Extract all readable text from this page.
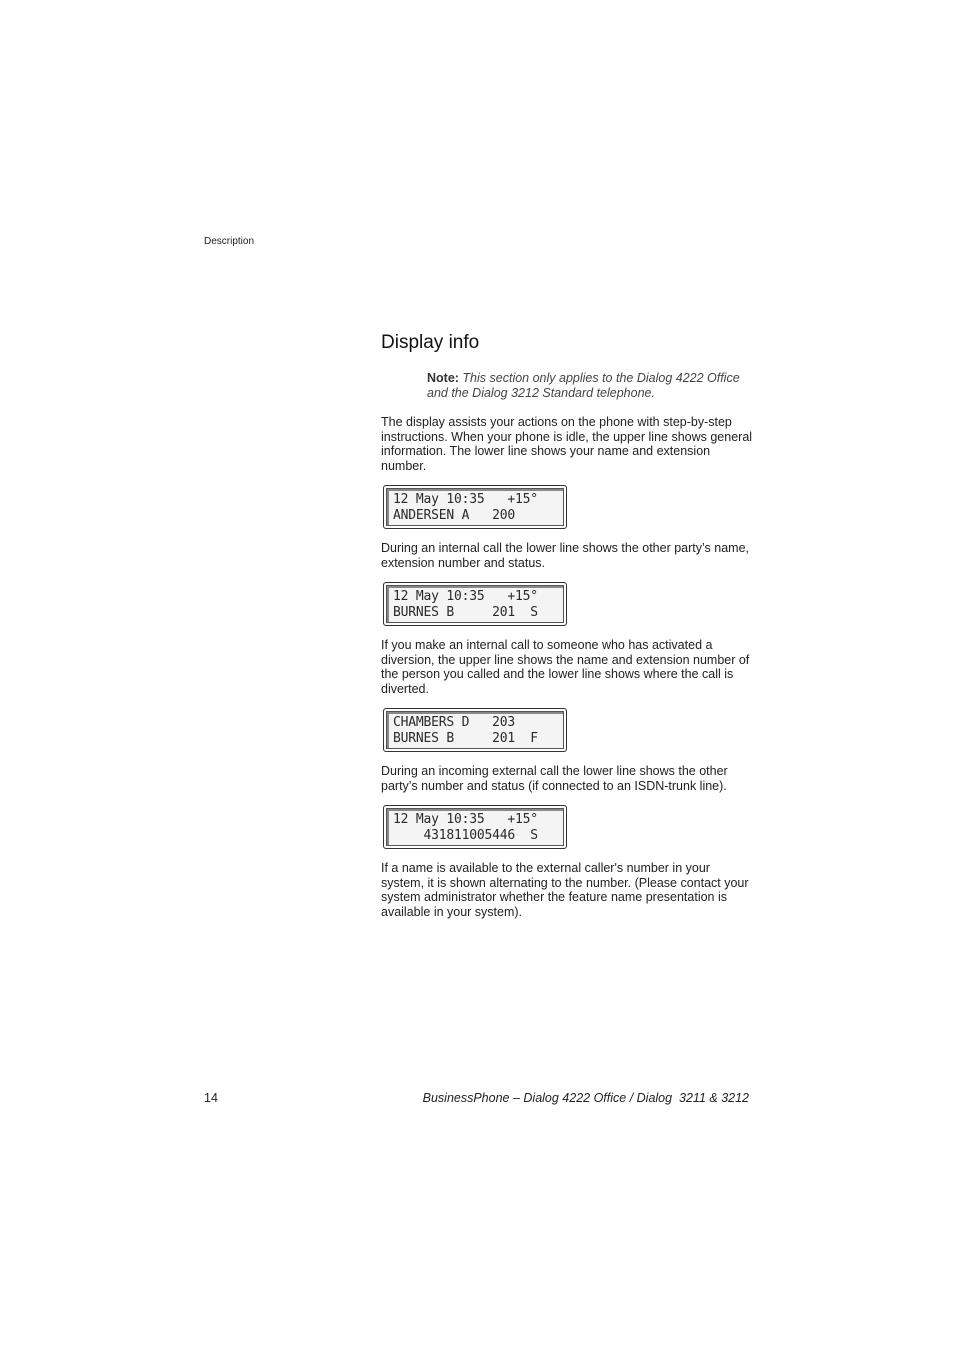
Description
Display info
Note: This section only applies to the Dialog 4222 Office and the Dialog 3212 Standard telephone.

The display assists your actions on the phone with step-by-step instructions. When your phone is idle, the upper line shows general information. The lower line shows your name and extension number.

12 May 10:35   +15°
ANDERSEN A   200

During an internal call the lower line shows the other party’s name, extension number and status.

12 May 10:35   +15°
BURNES B     201  S

If you make an internal call to someone who has activated a diversion, the upper line shows the name and extension number of the person you called and the lower line shows where the call is diverted.

CHAMBERS D   203
BURNES B     201  F

During an incoming external call the lower line shows the other party’s number and status (if connected to an ISDN-trunk line).

12 May 10:35   +15°
431811005446  S

If a name is available to the external caller's number in your system, it is shown alternating to the number. (Please contact your system administrator whether the feature name presentation is available in your system).

14	BusinessPhone – Dialog 4222 Office / Dialog  3211 & 3212
